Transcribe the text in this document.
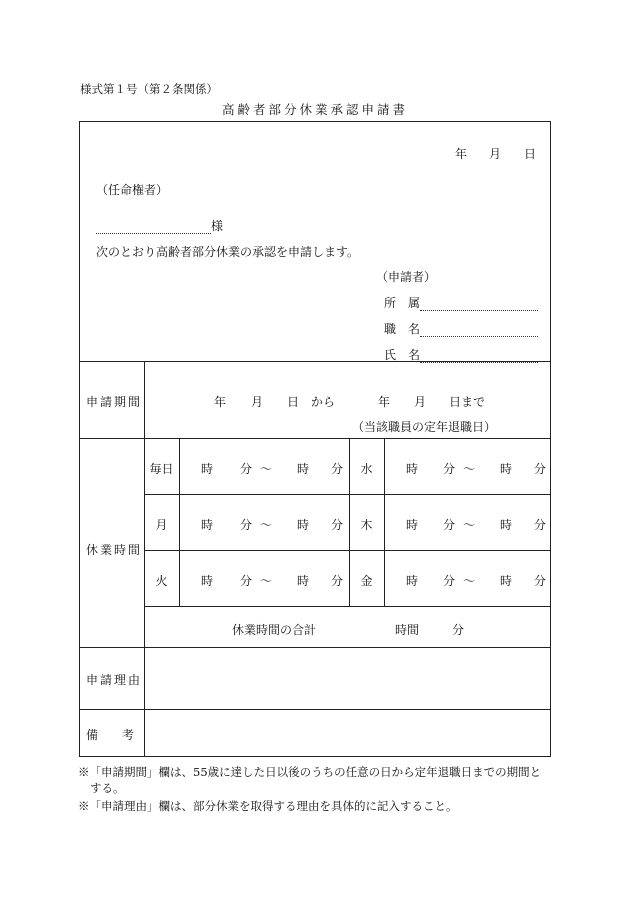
様式第１号（第２条関係）
高齢者部分休業承認申請書
年 月 日
（任命権者）
様
次のとおり高齢者部分休業の承認を申請します。
（申請者）
所　属
職　名
氏　名
申請期間	年 月 日　から	年 月 日まで
（当該職員の定年退職日）
休業時間
毎日	時 分 〜 時 分	水	時 分 〜 時 分
月	時 分 〜 時 分	木	時 分 〜 時 分
火	時 分 〜 時 分	金	時 分 〜 時 分
休業時間の合計	時間	分
申請理由
備　　考
※「申請期間」欄は、55歳に達した日以後のうちの任意の日から定年退職日までの期間と
する。
※「申請理由」欄は、部分休業を取得する理由を具体的に記入すること。
